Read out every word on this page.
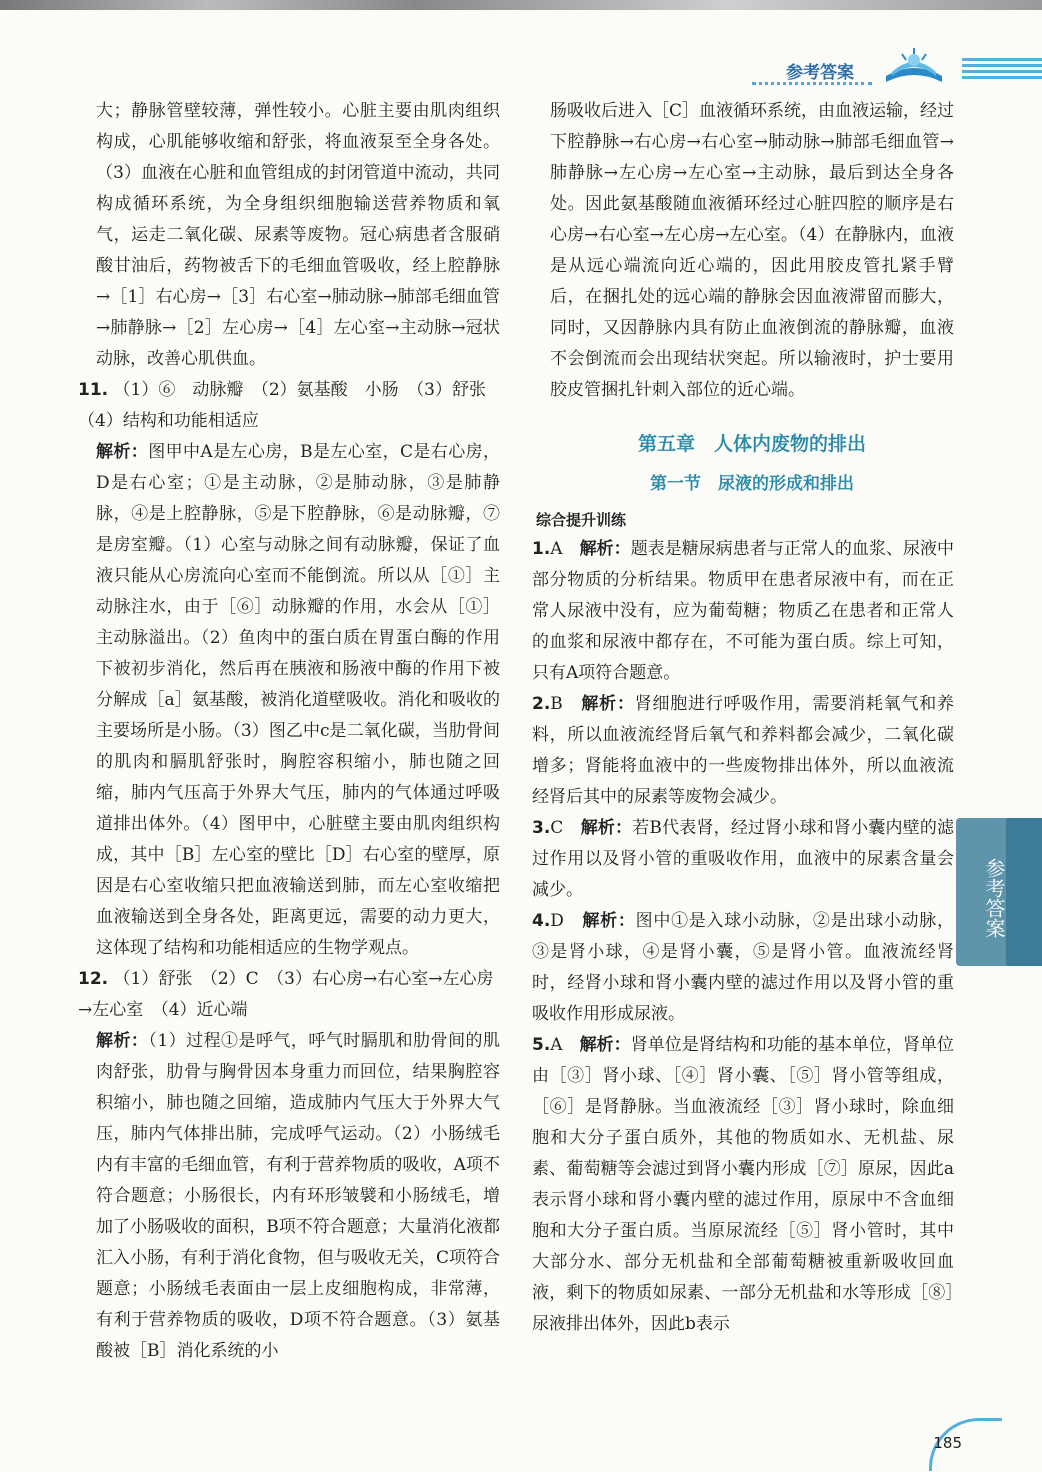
参考答案
参考答案

大；静脉管壁较薄，弹性较小。心脏主要由肌肉组织构成，心肌能够收缩和舒张，将血液泵至全身各处。（3）血液在心脏和血管组成的封闭管道中流动，共同构成循环系统，为全身组织细胞输送营养物质和氧气，运走二氧化碳、尿素等废物。冠心病患者含服硝酸甘油后，药物被舌下的毛细血管吸收，经上腔静脉→［1］右心房→［3］右心室→肺动脉→肺部毛细血管→肺静脉→［2］左心房→［4］左心室→主动脉→冠状动脉，改善心肌供血。

11. （1）⑥　动脉瓣　（2）氨基酸　小肠　（3）舒张　（4）结构和功能相适应

解析：图甲中A是左心房，B是左心室，C是右心房，D是右心室；①是主动脉，②是肺动脉，③是肺静脉，④是上腔静脉，⑤是下腔静脉，⑥是动脉瓣，⑦是房室瓣。（1）心室与动脉之间有动脉瓣，保证了血液只能从心房流向心室而不能倒流。所以从［①］主动脉注水，由于［⑥］动脉瓣的作用，水会从［①］主动脉溢出。（2）鱼肉中的蛋白质在胃蛋白酶的作用下被初步消化，然后再在胰液和肠液中酶的作用下被分解成［a］氨基酸，被消化道壁吸收。消化和吸收的主要场所是小肠。（3）图乙中c是二氧化碳，当肋骨间的肌肉和膈肌舒张时，胸腔容积缩小，肺也随之回缩，肺内气压高于外界大气压，肺内的气体通过呼吸道排出体外。（4）图甲中，心脏壁主要由肌肉组织构成，其中［B］左心室的壁比［D］右心室的壁厚，原因是右心室收缩只把血液输送到肺，而左心室收缩把血液输送到全身各处，距离更远，需要的动力更大，这体现了结构和功能相适应的生物学观点。

12. （1）舒张　（2）C　（3）右心房→右心室→左心房→左心室　（4）近心端

解析：（1）过程①是呼气，呼气时膈肌和肋骨间的肌肉舒张，肋骨与胸骨因本身重力而回位，结果胸腔容积缩小，肺也随之回缩，造成肺内气压大于外界大气压，肺内气体排出肺，完成呼气运动。（2）小肠绒毛内有丰富的毛细血管，有利于营养物质的吸收，A项不符合题意；小肠很长，内有环形皱襞和小肠绒毛，增加了小肠吸收的面积，B项不符合题意；大量消化液都汇入小肠，有利于消化食物，但与吸收无关，C项符合题意；小肠绒毛表面由一层上皮细胞构成，非常薄，有利于营养物质的吸收，D项不符合题意。（3）氨基酸被［B］消化系统的小

肠吸收后进入［C］血液循环系统，由血液运输，经过下腔静脉→右心房→右心室→肺动脉→肺部毛细血管→肺静脉→左心房→左心室→主动脉，最后到达全身各处。因此氨基酸随血液循环经过心脏四腔的顺序是右心房→右心室→左心房→左心室。（4）在静脉内，血液是从远心端流向近心端的，因此用胶皮管扎紧手臂后，在捆扎处的远心端的静脉会因血液滞留而膨大，同时，又因静脉内具有防止血液倒流的静脉瓣，血液不会倒流而会出现结状突起。所以输液时，护士要用胶皮管捆扎针刺入部位的近心端。

第五章　人体内废物的排出
第一节　尿液的形成和排出
综合提升训练

1.A　 解析：题表是糖尿病患者与正常人的血浆、尿液中部分物质的分析结果。物质甲在患者尿液中有，而在正常人尿液中没有，应为葡萄糖；物质乙在患者和正常人的血浆和尿液中都存在，不可能为蛋白质。综上可知，只有A项符合题意。

2.B　 解析：肾细胞进行呼吸作用，需要消耗氧气和养料，所以血液流经肾后氧气和养料都会减少，二氧化碳增多；肾能将血液中的一些废物排出体外，所以血液流经肾后其中的尿素等废物会减少。

3.C　 解析：若B代表肾，经过肾小球和肾小囊内壁的滤过作用以及肾小管的重吸收作用，血液中的尿素含量会减少。

4.D　 解析：图中①是入球小动脉，②是出球小动脉，③是肾小球，④是肾小囊，⑤是肾小管。血液流经肾时，经肾小球和肾小囊内壁的滤过作用以及肾小管的重吸收作用形成尿液。

5.A　 解析：肾单位是肾结构和功能的基本单位，肾单位由［③］肾小球、［④］肾小囊、［⑤］肾小管等组成，［⑥］是肾静脉。当血液流经［③］肾小球时，除血细胞和大分子蛋白质外，其他的物质如水、无机盐、尿素、葡萄糖等会滤过到肾小囊内形成［⑦］原尿，因此a表示肾小球和肾小囊内壁的滤过作用，原尿中不含血细胞和大分子蛋白质。当原尿流经［⑤］肾小管时，其中大部分水、部分无机盐和全部葡萄糖被重新吸收回血液，剩下的物质如尿素、一部分无机盐和水等形成［⑧］尿液排出体外，因此b表示

185
